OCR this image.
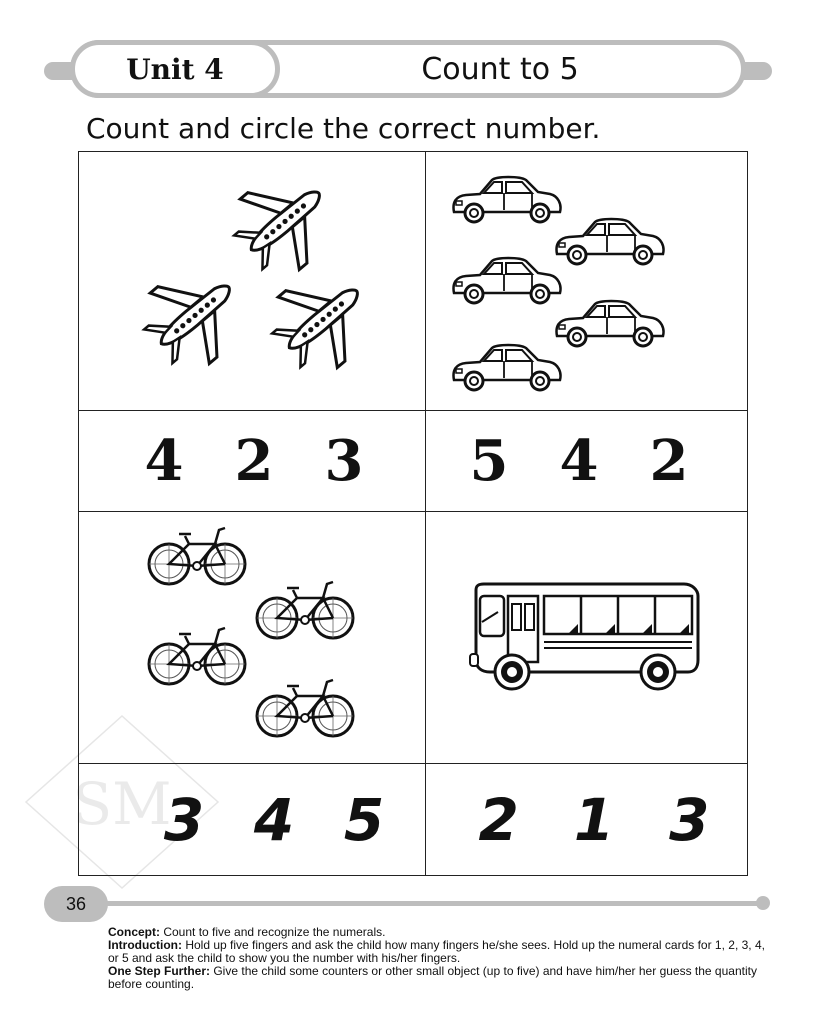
Unit 4	Count to 5
Count and circle the correct number.
SM
4 2 3 5 4 2
3 4 5 2 1 3
36
Concept: Count to five and recognize the numerals.
Introduction: Hold up five fingers and ask the child how many fingers he/she sees. Hold up the numeral cards for 1, 2, 3, 4, or 5 and ask the child to show you the number with his/her fingers.
One Step Further: Give the child some counters or other small object (up to five) and have him/her her guess the quantity before counting.
